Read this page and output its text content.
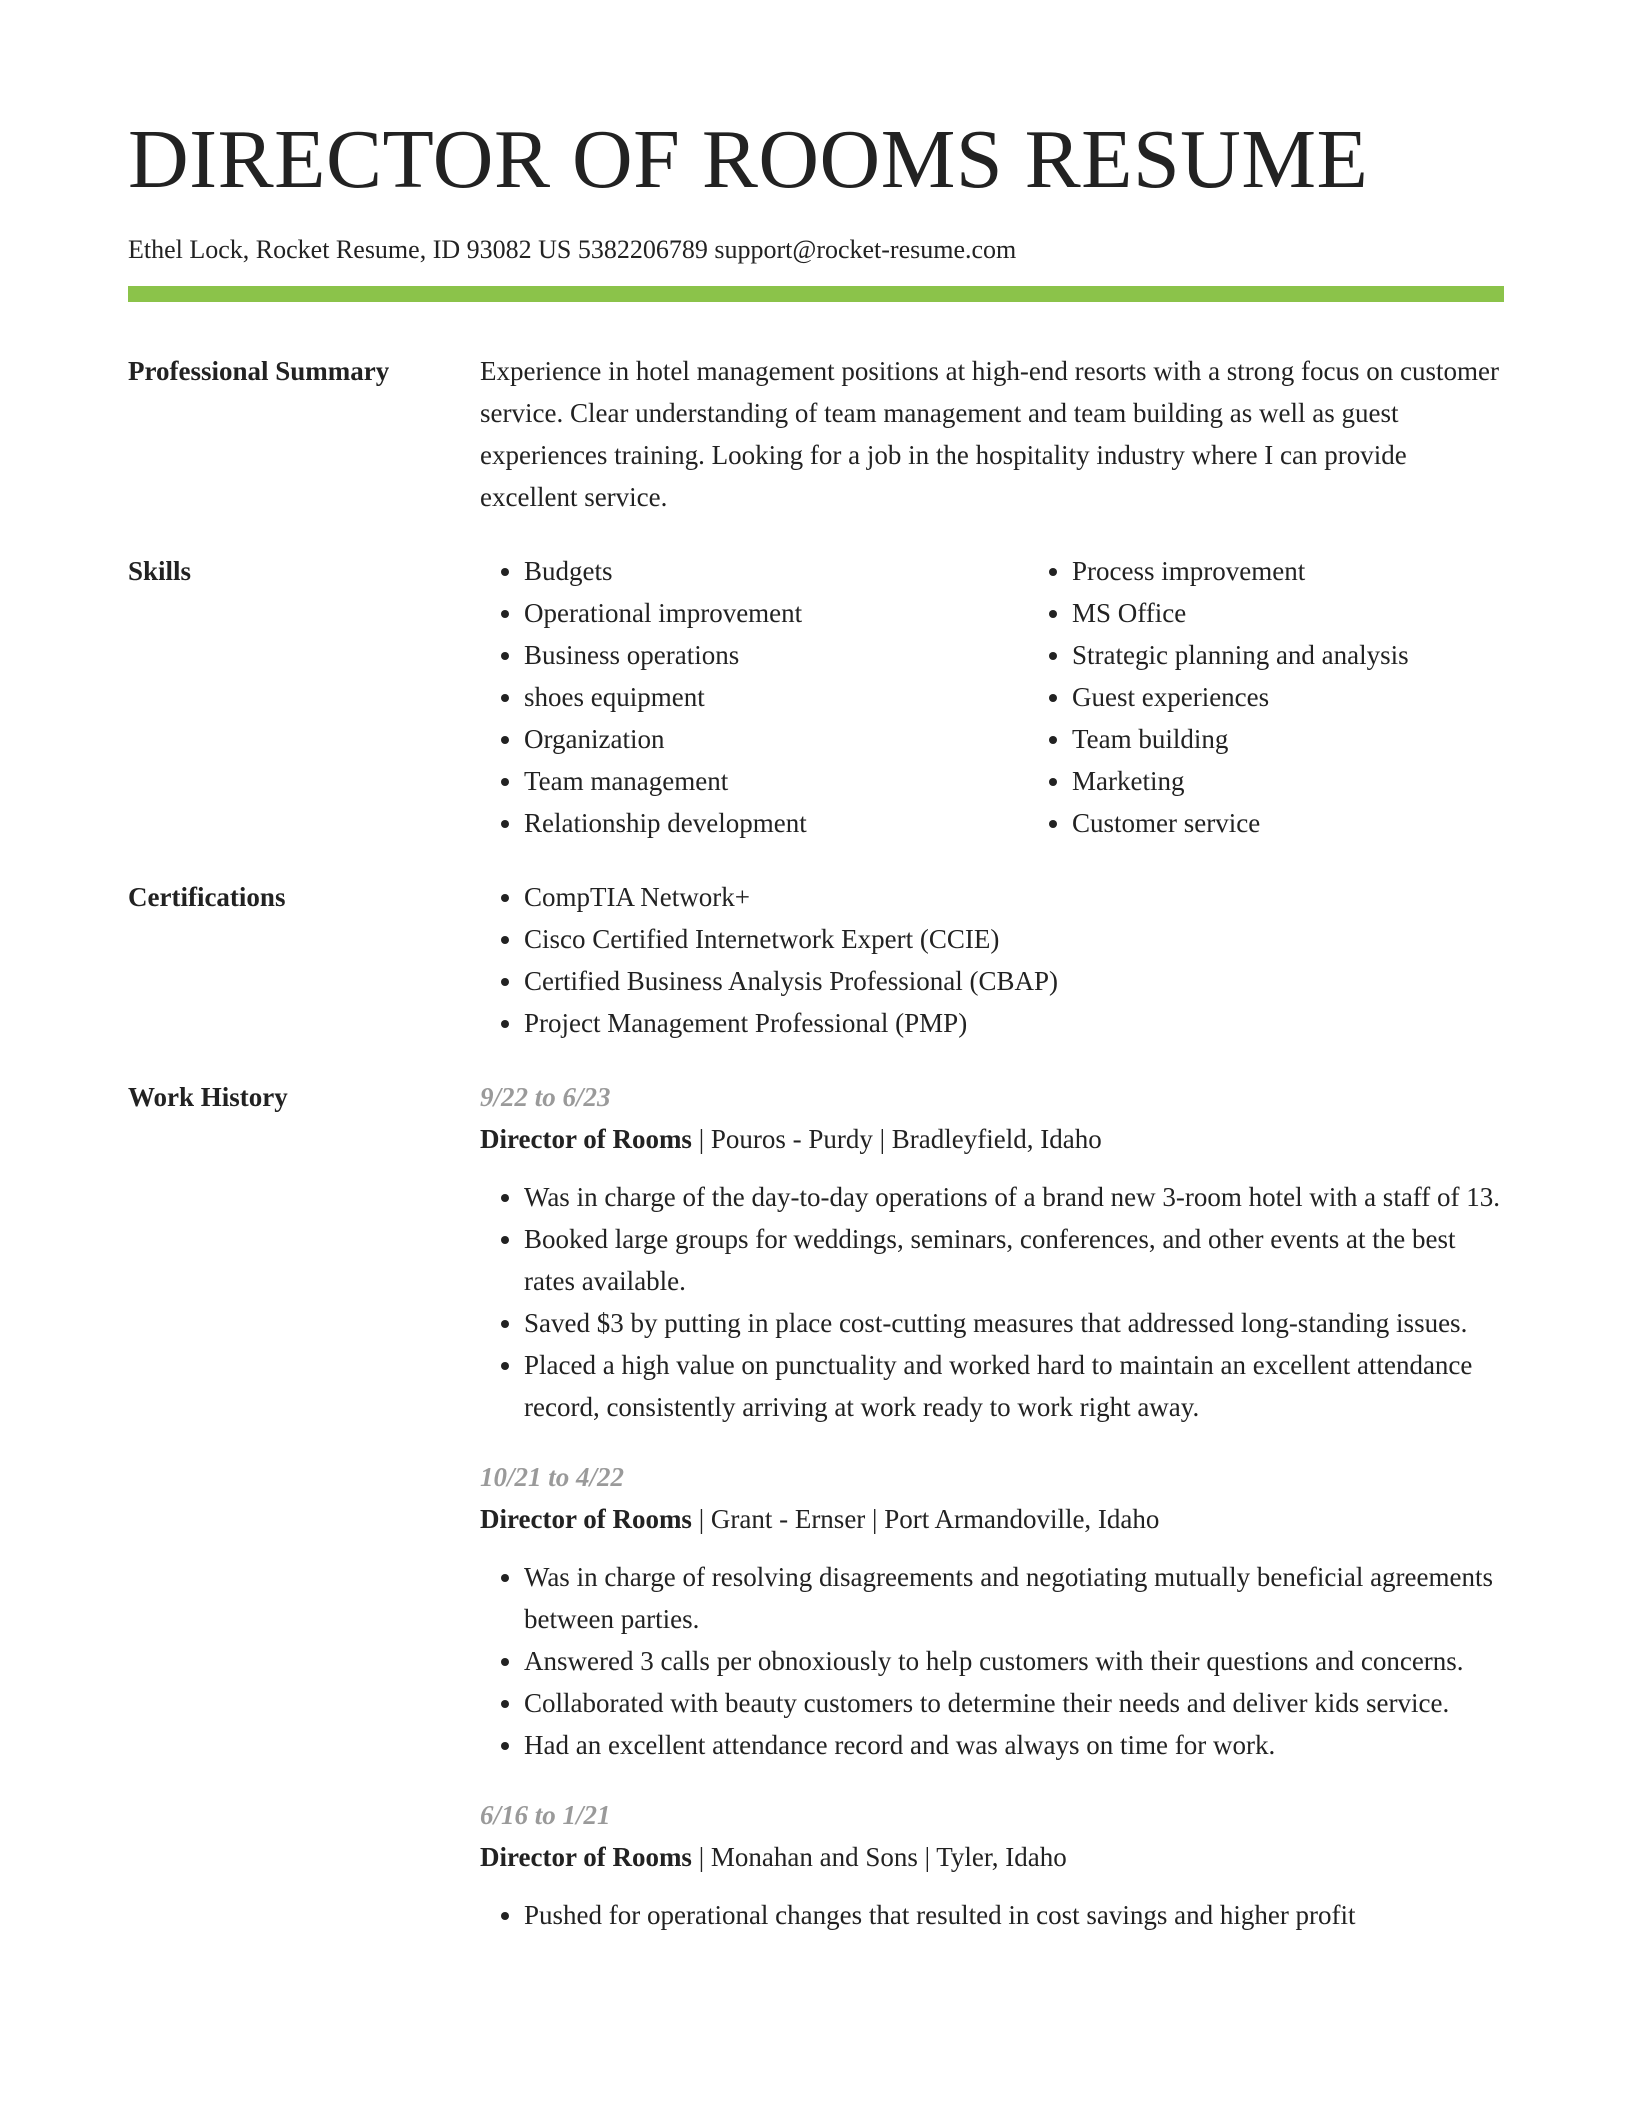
DIRECTOR OF ROOMS RESUME
Ethel Lock, Rocket Resume, ID 93082 US 5382206789 support@rocket-resume.com
Professional Summary	Experience in hotel management positions at high-end resorts with a strong focus on customer service. Clear understanding of team management and team building as well as guest experiences training. Looking for a job in the hospitality industry where I can provide excellent service.

Skills	• Budgets
• Operational improvement
• Business operations
• shoes equipment
• Organization
• Team management
• Relationship development
• Process improvement
• MS Office
• Strategic planning and analysis
• Guest experiences
• Team building
• Marketing
• Customer service
Certifications	• CompTIA Network+
• Cisco Certified Internetwork Expert (CCIE)
• Certified Business Analysis Professional (CBAP)
• Project Management Professional (PMP)
Work History	9/22 to 6/23
Director of Rooms | Pouros - Purdy | Bradleyfield, Idaho
• Was in charge of the day-to-day operations of a brand new 3-room hotel with a staff of 13.
• Booked large groups for weddings, seminars, conferences, and other events at the best rates available.
• Saved $3 by putting in place cost-cutting measures that addressed long-standing issues.
• Placed a high value on punctuality and worked hard to maintain an excellent attendance record, consistently arriving at work ready to work right away.
10/21 to 4/22
Director of Rooms | Grant - Ernser | Port Armandoville, Idaho
• Was in charge of resolving disagreements and negotiating mutually beneficial agreements between parties.
• Answered 3 calls per obnoxiously to help customers with their questions and concerns.
• Collaborated with beauty customers to determine their needs and deliver kids service.
• Had an excellent attendance record and was always on time for work.
6/16 to 1/21
Director of Rooms | Monahan and Sons | Tyler, Idaho
• Pushed for operational changes that resulted in cost savings and higher profit
